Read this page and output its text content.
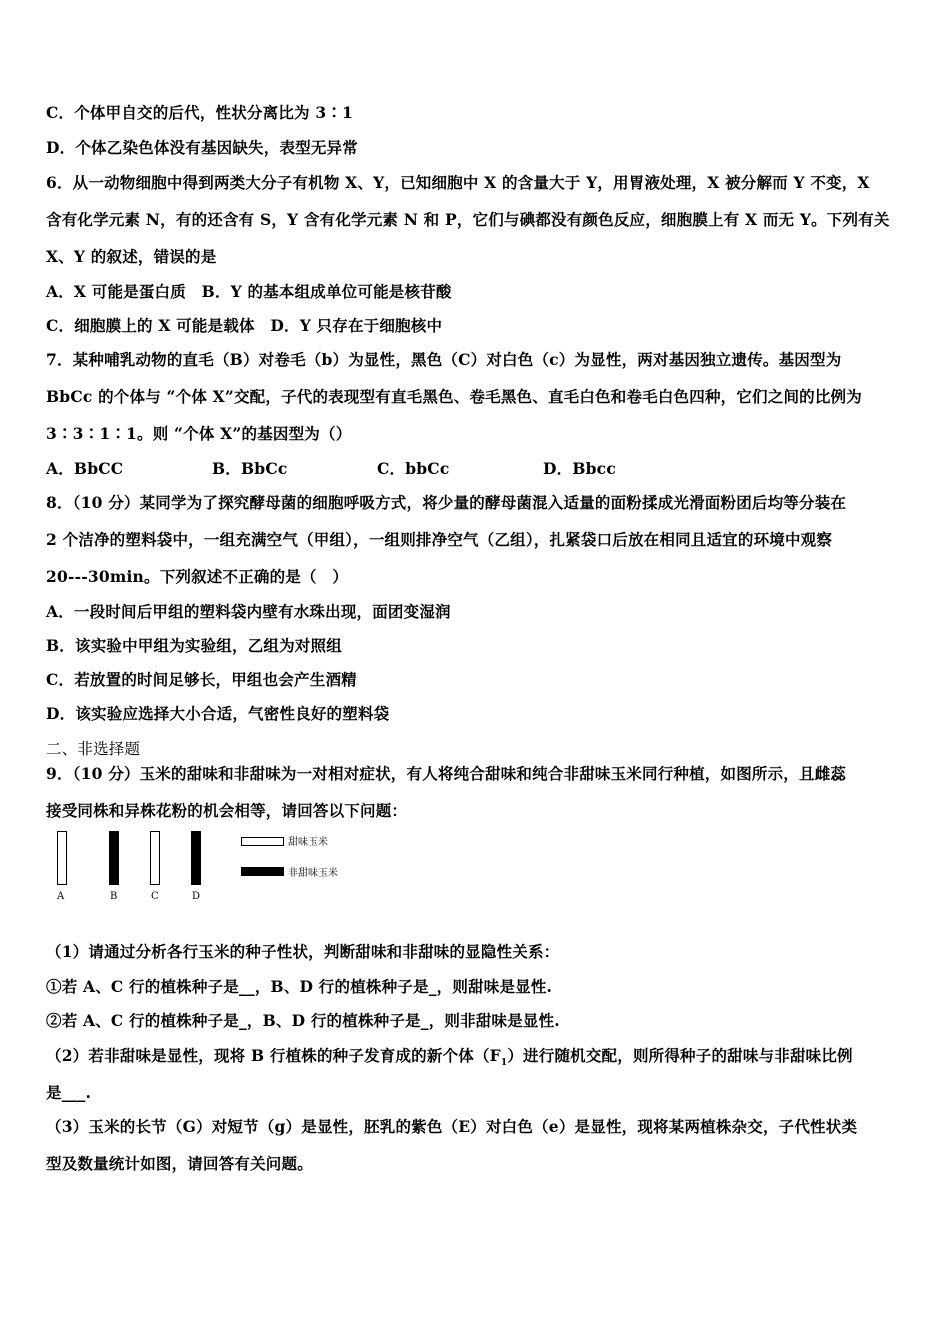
C．个体甲自交的后代，性状分离比为 3∶1
D．个体乙染色体没有基因缺失，表型无异常
6．从一动物细胞中得到两类大分子有机物 X、Y，已知细胞中 X 的含量大于 Y，用胃液处理，X 被分解而 Y 不变，X
含有化学元素 N，有的还含有 S，Y 含有化学元素 N 和 P，它们与碘都没有颜色反应，细胞膜上有 X 而无 Y。下列有关
X、Y 的叙述，错误的是
A．X 可能是蛋白质　B．Y 的基本组成单位可能是核苷酸
C．细胞膜上的 X 可能是载体　D．Y 只存在于细胞核中
7．某种哺乳动物的直毛（B）对卷毛（b）为显性，黑色（C）对白色（c）为显性，两对基因独立遗传。基因型为
BbCc 的个体与 “个体 X”交配，子代的表现型有直毛黑色、卷毛黑色、直毛白色和卷毛白色四种，它们之间的比例为
3∶3∶1∶1。则 “个体 X”的基因型为（）
A．BbCC	B．BbCc	C．bbCc	D．Bbcc
8．（10 分）某同学为了探究酵母菌的细胞呼吸方式，将少量的酵母菌混入适量的面粉揉成光滑面粉团后均等分装在
2 个洁净的塑料袋中，一组充满空气（甲组），一组则排净空气（乙组），扎紧袋口后放在相同且适宜的环境中观察
20---30min。下列叙述不正确的是（　）
A．一段时间后甲组的塑料袋内壁有水珠出现，面团变湿润
B．该实验中甲组为实验组，乙组为对照组
C．若放置的时间足够长，甲组也会产生酒精
D．该实验应选择大小合适，气密性良好的塑料袋
二、非选择题
9．（10 分）玉米的甜味和非甜味为一对相对症状，有人将纯合甜味和纯合非甜味玉米同行种植，如图所示，且雌蕊
接受同株和异株花粉的机会相等，请回答以下问题：
A	B	C	D
甜味玉米
非甜味玉米
（1）请通过分析各行玉米的种子性状，判断甜味和非甜味的显隐性关系：
①若 A、C 行的植株种子是__，B、D 行的植株种子是_，则甜味是显性.
②若 A、C 行的植株种子是_，B、D 行的植株种子是_，则非甜味是显性.
（2）若非甜味是显性，现将 B 行植株的种子发育成的新个体$(F_1)$进行随机交配，则所得种子的甜味与非甜味比例
是___.
（3）玉米的长节（G）对短节（g）是显性，胚乳的紫色（E）对白色（e）是显性，现将某两植株杂交，子代性状类
型及数量统计如图，请回答有关问题。
